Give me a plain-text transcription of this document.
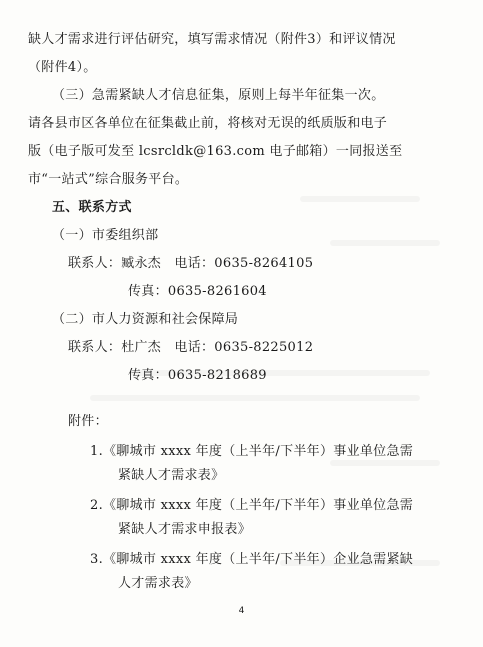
缺人才需求进行评估研究，填写需求情况（附件3）和评议情况
（附件4）。
（三）急需紧缺人才信息征集，原则上每半年征集一次。
请各县市区各单位在征集截止前，将核对无误的纸质版和电子
版（电子版可发至 lcsrcldk@163.com 电子邮箱）一同报送至
市“一站式”综合服务平台。
五、联系方式
（一）市委组织部
联系人：臧永杰　电话：0635-8264105
传真：0635-8261604
（二）市人力资源和社会保障局
联系人：杜广杰　电话：0635-8225012
传真：0635-8218689
附件：
1.《聊城市 xxxx 年度（上半年/下半年）事业单位急需
紧缺人才需求表》
2.《聊城市 xxxx 年度（上半年/下半年）事业单位急需
紧缺人才需求申报表》
3.《聊城市 xxxx 年度（上半年/下半年）企业急需紧缺
人才需求表》
4
